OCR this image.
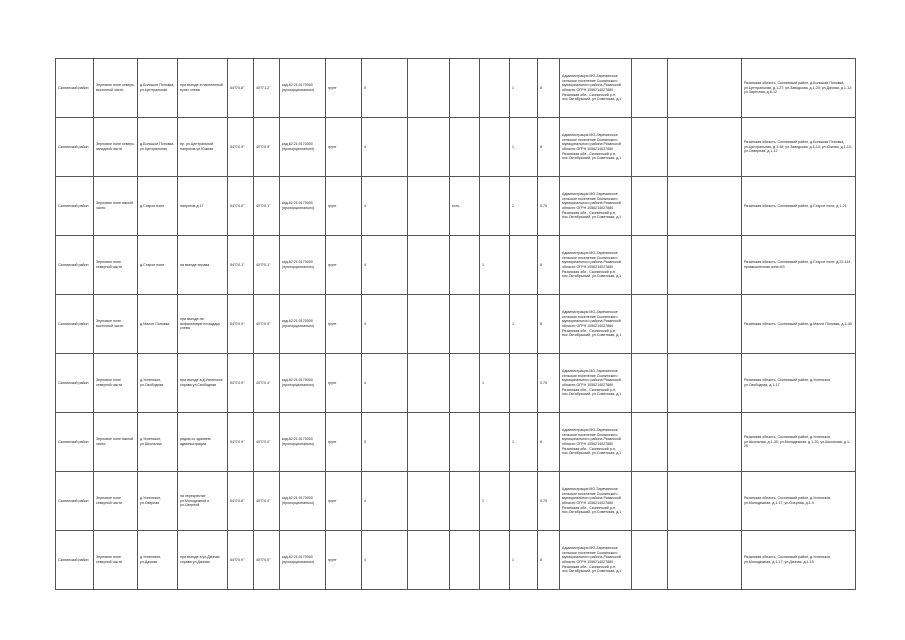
Скопинский район	Зерновое поле северо-восточной части	д.Большое Поповка, ул.Центральная	при въезде в населенный пункт слева	54°0'0.8"	40°0'1.2"	кад.62:21:0170000 (пропорционально)	грунт	5				1	8	Администрация МО-Заречинское сельское поселение Скопинского муниципального района Рязанской области ОГРН 1056214027880 Рязанская обл., Скопинский р-н, пос.Октябрьский, ул.Советская, д.1			Рязанская область, Скопинский район, д.Большая Поповка, ул.Центральная, д.1-27; ул.Заводская, д.1-20; ул.Дачная, д.1-12; ул.Заречная, д.8-12
Скопинский район	Зерновое поле северо-западной части	д.Большое Поповка, ул.Центральная	пр. ул.Центральной напротив ул.Южная	54°0'0.9"	40°0'0.9"	кад.62:21:0170000 (пропорционально)	грунт	4				1	8	Администрация МО-Заречинское сельское поселение Скопинского муниципального района Рязанской области ОГРН 1056214027880 Рязанская обл., Скопинский р-н, пос.Октябрьский, ул.Советская, д.1			Рязанская область, Скопинский район, д.Большая Поповка, ул.Центральная, д.1-48; ул.Заводская, д.1-13; ул.Южная, д.1-10; ул.Северная, д.1-12
Скопинский район	Зерновое поле южной части	д.Старое поле	напротив д.17	54°0'0.0"	40°0'0.1"	кад.62:21:0170000 (пропорционально)	грунт	4		есть		2	0.75	Администрация МО-Заречинское сельское поселение Скопинского муниципального района Рязанской области ОГРН 1056214027880 Рязанская обл., Скопинский р-н, пос.Октябрьский, ул.Советская, д.1			Рязанская область, Скопинский район, д.Старое поле, д.1-21
Скопинский район	Зерновое поле северной части	д.Старое поле	на въезде справа	54°0'0.1"	40°0'0.1"	кад.62:21:0170000 (пропорционально)	грунт	4			1		8	Администрация МО-Заречинское сельское поселение Скопинского муниципального района Рязанской области ОГРН 1056214027880 Рязанская обл., Скопинский р-н, пос.Октябрьский, ул.Советская, д.1			Рязанская область, Скопинский район, д.Старое поле, д.22-114 промышленная зона МЗ
Скопинский район	Зерновое поле восточной части	д.Малое Поповка	при въезде на асфальтовую площадку слева	54°0'0.9"	40°0'0.9"	кад.62:21:0170000 (пропорционально)	грунт	4				1	8	Администрация МО-Заречинское сельское поселение Скопинского муниципального района Рязанской области ОГРН 1056214027880 Рязанская обл., Скопинский р-н, пос.Октябрьский, ул.Советская, д.1			Рязанская область, Скопинский район, д.Малое Поповка, д.1-40
Скопинский район	Зерновое поле северной части	д.Успенское, ул.Свободная	при въезде в д.Успенское справа ул.Свободная	54°0'0.9"	40°0'0.4"	кад.62:21:0170000 (пропорционально)	грунт	4			1		0.75	Администрация МО-Заречинское сельское поселение Скопинского муниципального района Рязанской области ОГРН 1056214027880 Рязанская обл., Скопинский р-н, пос.Октябрьский, ул.Советская, д.1			Рязанская область, Скопинский район, д.Успенское, ул.Свободная, д.1-17
Скопинский район	Зерновое поле южной части	д.Успенское, ул.Школьная	рядом со зданием администрации	54°0'0.9"	40°0'0.0"	кад.62:21:0170000 (пропорционально)	грунт	5				1	8	Администрация МО-Заречинское сельское поселение Скопинского муниципального района Рязанской области ОГРН 1056214027880 Рязанская обл., Скопинский р-н, пос.Октябрьский, ул.Советская, д.1			Рязанская область, Скопинский район, д.Успенское, ул.Школьная, д.1-30; ул.Молодежная, д.1-20; ул.Школьная, д.1-20
Скопинский район	Зерновое поле северной части	д.Успенское, ул.Озерная	на перекрестке ул.Молодежной и ул.Озерной	54°0'0.8"	40°0'0.4"	кад.62:21:0170000 (пропорционально)	грунт	4			1		0.75	Администрация МО-Заречинское сельское поселение Скопинского муниципального района Рязанской области ОГРН 1056214027880 Рязанская обл., Скопинский р-н, пос.Октябрьский, ул.Советская, д.1			Рязанская область, Скопинский район, д.Успенское, ул.Молодежная, д.1-17; ул.Озерная, д.1-9
Скопинский район	Зерновое поле северной части	д.Успенское, ул.Дачная	при въезде в ул.Дачная справа ул.Дачная	54°0'0.9"	40°0'0.0"	кад.62:21:0170000 (пропорционально)	грунт	4				1	8	Администрация МО-Заречинское сельское поселение Скопинского муниципального района Рязанской области ОГРН 1056214027880 Рязанская обл., Скопинский р-н, пос.Октябрьский, ул.Советская, д.1			Рязанская область, Скопинский район, д.Успенское, ул.Молодежная, д.1-17; ул.Дачная, д.1-15
